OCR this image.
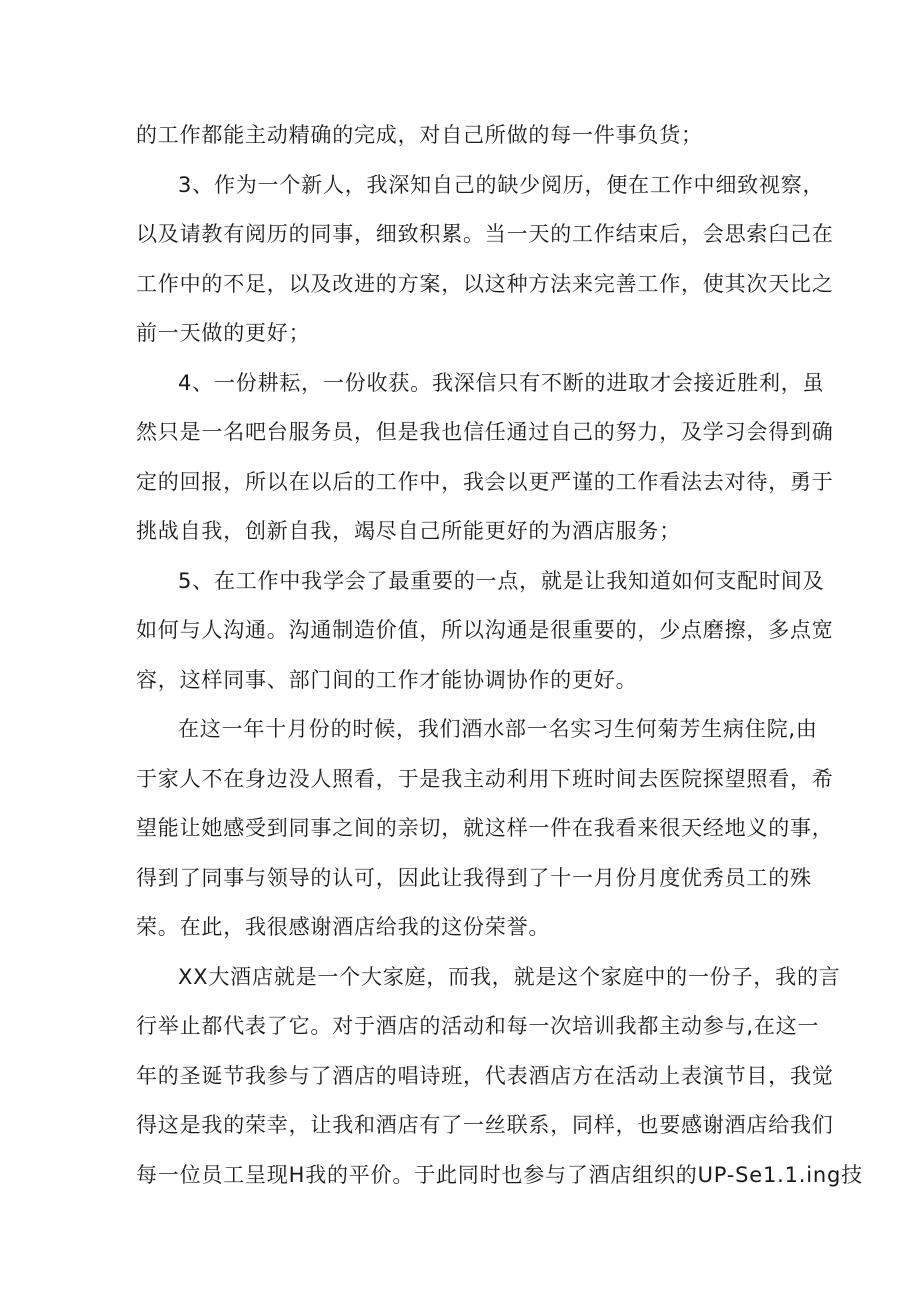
的工作都能主动精确的完成，对自己所做的每一件事负货；
3、作为一个新人，我深知自己的缺少阅历，便在工作中细致视察，
以及请教有阅历的同事，细致积累。当一天的工作结束后，会思索臼己在
工作中的不足，以及改进的方案，以这种方法来完善工作，使其次天比之
前一天做的更好；
4、一份耕耘，一份收获。我深信只有不断的进取才会接近胜利，虽
然只是一名吧台服务员，但是我也信任通过自己的努力，及学习会得到确
定的回报，所以在以后的工作中，我会以更严谨的工作看法去对待，勇于
挑战自我，创新自我，竭尽自己所能更好的为酒店服务；
5、在工作中我学会了最重要的一点，就是让我知道如何支配时间及
如何与人沟通。沟通制造价值，所以沟通是很重要的，少点磨擦，多点宽
容，这样同事、部门间的工作才能协调协作的更好。
在这一年十月份的时候，我们酒水部一名实习生何菊芳生病住院,由
于家人不在身边没人照看，于是我主动利用下班时间去医院探望照看，希
望能让她感受到同事之间的亲切，就这样一件在我看来很天经地义的事，
得到了同事与领导的认可，因此让我得到了十一月份月度优秀员工的殊
荣。在此，我很感谢酒店给我的这份荣誉。
XX大酒店就是一个大家庭，而我，就是这个家庭中的一份子，我的言
行举止都代表了它。对于酒店的活动和每一次培训我都主动参与,在这一
年的圣诞节我参与了酒店的唱诗班，代表酒店方在活动上表演节目，我觉
得这是我的荣幸，让我和酒店有了一丝联系，同样，也要感谢酒店给我们
每一位员工呈现H我的平价。于此同时也参与了酒店组织的UP-Se1.1.ing技
